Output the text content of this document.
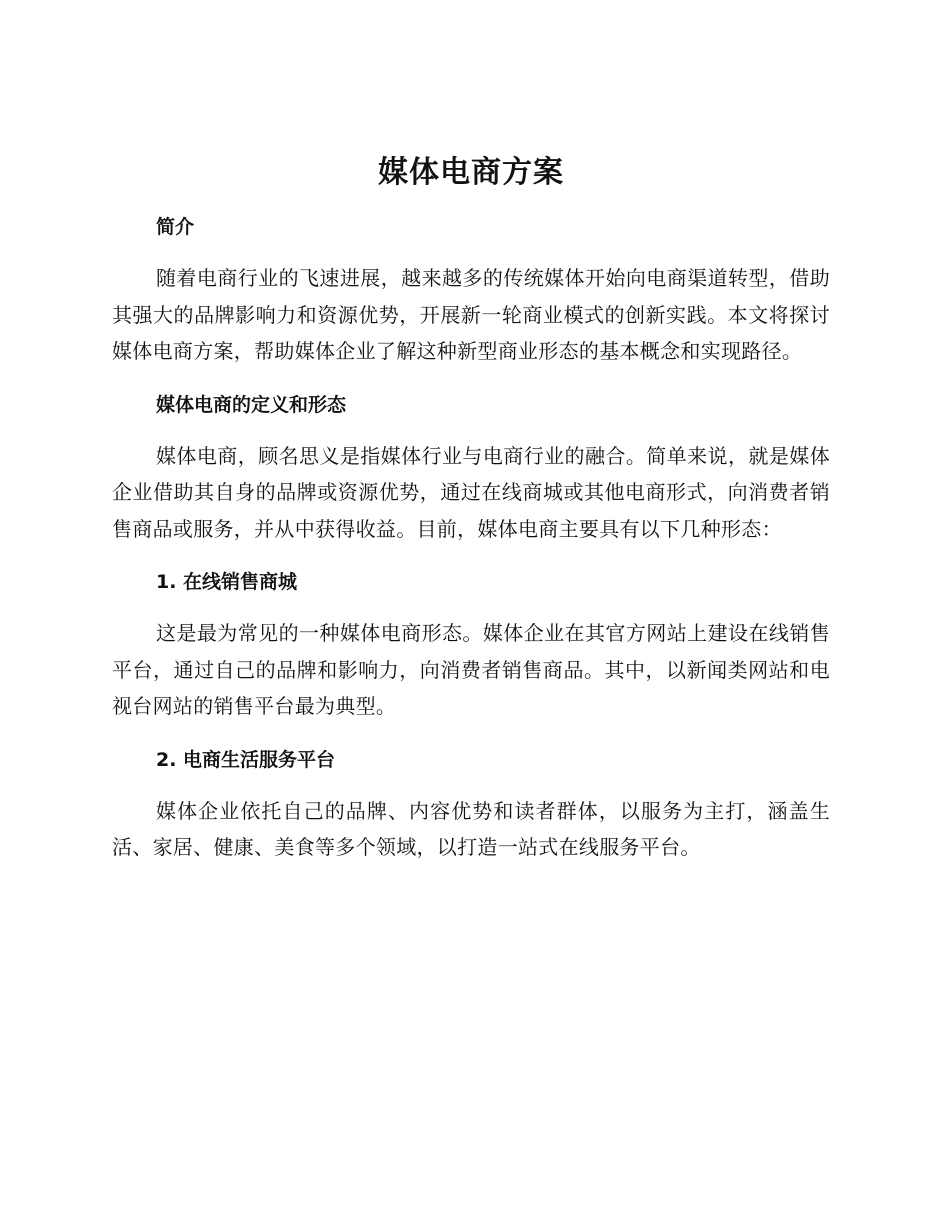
媒体电商方案
简介

随着电商行业的飞速进展，越来越多的传统媒体开始向电商渠道转型，借助其强大的品牌影响力和资源优势，开展新一轮商业模式的创新实践。本文将探讨媒体电商方案，帮助媒体企业了解这种新型商业形态的基本概念和实现路径。

媒体电商的定义和形态

媒体电商，顾名思义是指媒体行业与电商行业的融合。简单来说，就是媒体企业借助其自身的品牌或资源优势，通过在线商城或其他电商形式，向消费者销售商品或服务，并从中获得收益。目前，媒体电商主要具有以下几种形态：

1. 在线销售商城

这是最为常见的一种媒体电商形态。媒体企业在其官方网站上建设在线销售平台，通过自己的品牌和影响力，向消费者销售商品。其中，以新闻类网站和电视台网站的销售平台最为典型。

2. 电商生活服务平台

媒体企业依托自己的品牌、内容优势和读者群体，以服务为主打，涵盖生活、家居、健康、美食等多个领域，以打造一站式在线服务平台。
